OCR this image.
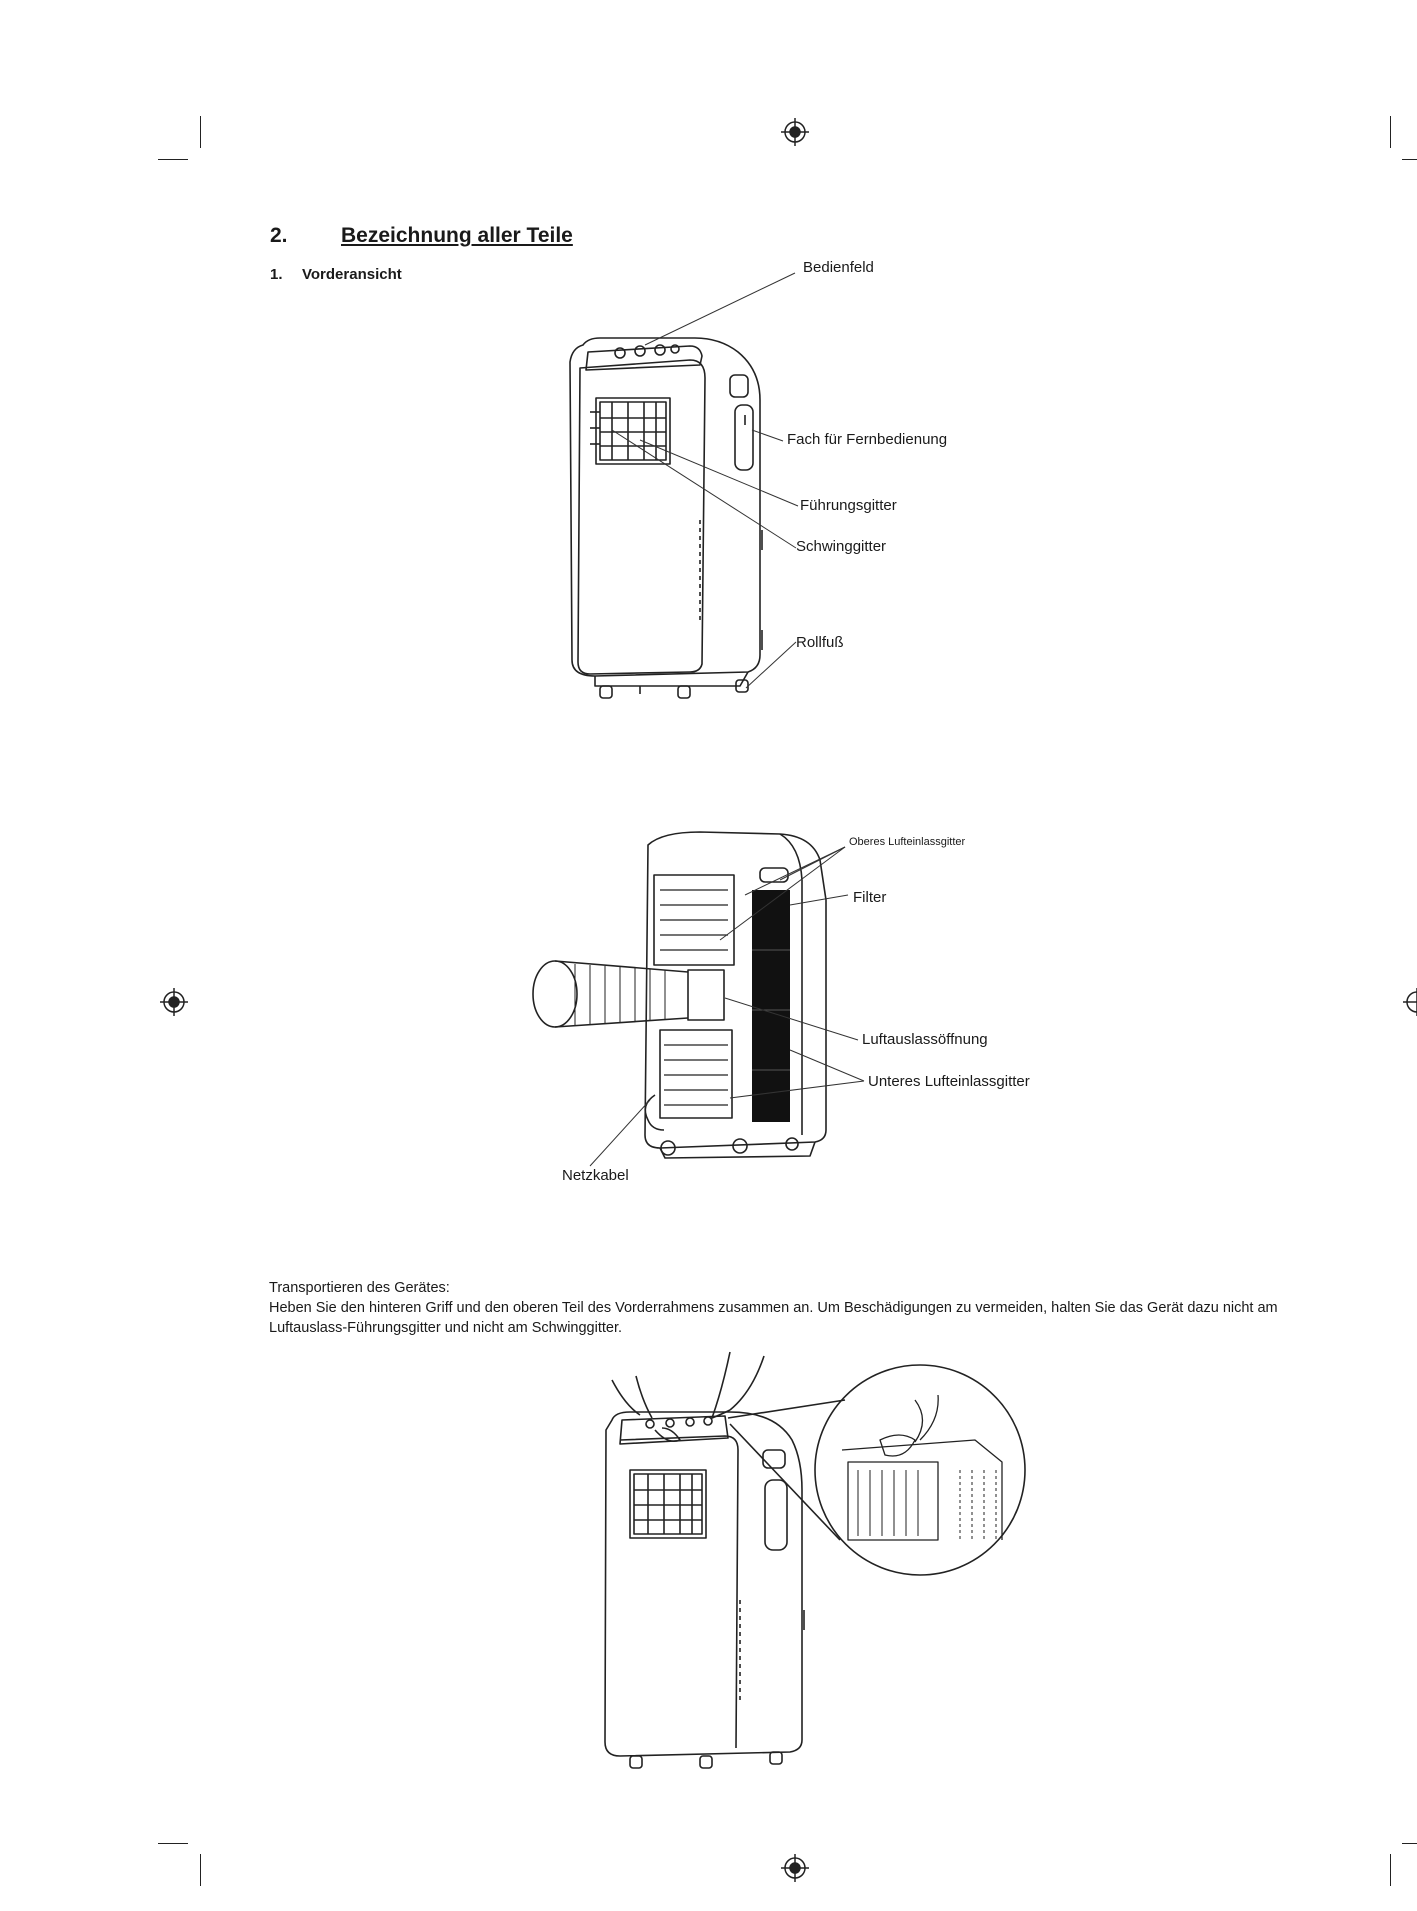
2.	Bezeichnung aller Teile
1. Vorderansicht	Bedienfeld
Fach für Fernbedienung
Führungsgitter
Schwinggitter
Rollfuß
Oberes Lufteinlassgitter
Filter
Luftauslassöffnung
Unteres Lufteinlassgitter
Netzkabel
Transportieren des Gerätes:
Heben Sie den hinteren Griff und den oberen Teil des Vorderrahmens zusammen an. Um Beschädigungen zu vermeiden, halten Sie das Gerät dazu nicht am Luftauslass-Führungsgitter und nicht am Schwinggitter.
